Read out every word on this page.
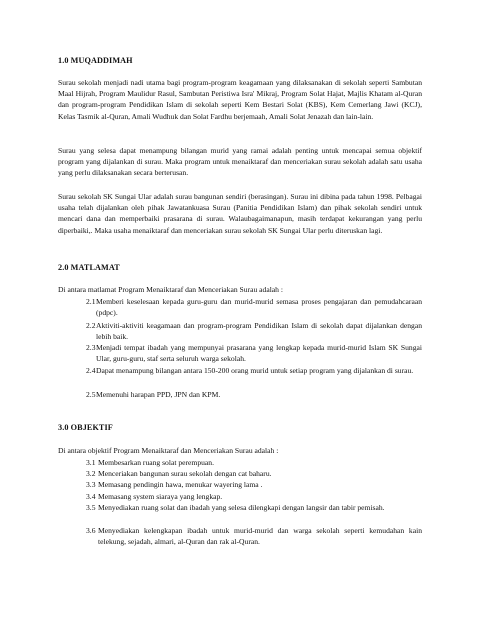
1.0 MUQADDIMAH
Surau sekolah menjadi nadi utama bagi program-program keagamaan yang dilaksanakan di sekolah seperti Sambutan Maal Hijrah, Program Maulidur Rasul, Sambutan Peristiwa Isra' Mikraj, Program Solat Hajat, Majlis Khatam al-Quran dan program-program Pendidikan Islam di sekolah seperti Kem Bestari Solat (KBS), Kem Cemerlang Jawi (KCJ), Kelas Tasmik al-Quran, Amali Wudhuk dan Solat Fardhu berjemaah, Amali Solat Jenazah dan lain-lain.
Surau yang selesa dapat menampung bilangan murid yang ramai adalah penting untuk mencapai semua objektif program yang dijalankan di surau. Maka program untuk menaiktaraf dan menceriakan surau sekolah adalah satu usaha yang perlu dilaksanakan secara berterusan.
Surau sekolah SK Sungai Ular adalah surau bangunan sendiri (berasingan). Surau ini dibina pada tahun 1998. Pelbagai usaha telah dijalankan oleh pihak Jawatankuasa Surau (Panitia Pendidikan Islam) dan pihak sekolah sendiri untuk mencari dana dan memperbaiki prasarana di surau. Walaubagaimanapun, masih terdapat kekurangan yang perlu diperbaiki,. Maka usaha menaiktaraf dan menceriakan surau sekolah SK Sungai Ular perlu diteruskan lagi.
2.0 MATLAMAT
Di antara matlamat Program Menaiktaraf dan Menceriakan Surau adalah :
2.1 Memberi keselesaan kepada guru-guru dan murid-murid semasa proses pengajaran dan pemudahcaraan (pdpc).
2.2 Aktiviti-aktiviti keagamaan dan program-program Pendidikan Islam di sekolah dapat dijalankan dengan lebih baik.
2.3 Menjadi tempat ibadah yang mempunyai prasarana yang lengkap kepada murid-murid Islam SK Sungai Ular, guru-guru, staf serta seluruh warga sekolah.
2.4 Dapat menampung bilangan antara 150-200 orang murid untuk setiap program yang dijalankan di surau.
2.5 Memenuhi harapan PPD, JPN dan KPM.
3.0 OBJEKTIF
Di antara objektif Program Menaiktaraf dan Menceriakan Surau adalah :
3.1 Membesarkan ruang solat perempuan.
3.2 Menceriakan bangunan surau sekolah dengan cat baharu.
3.3 Memasang pendingin hawa, menukar wayering lama .
3.4 Memasang system siaraya yang lengkap.
3.5 Menyediakan ruang solat dan ibadah yang selesa dilengkapi dengan langsir dan tabir pemisah.
3.6 Menyediakan kelengkapan ibadah untuk murid-murid dan warga sekolah seperti kemudahan kain telekung, sejadah, almari, al-Quran dan rak al-Quran.
